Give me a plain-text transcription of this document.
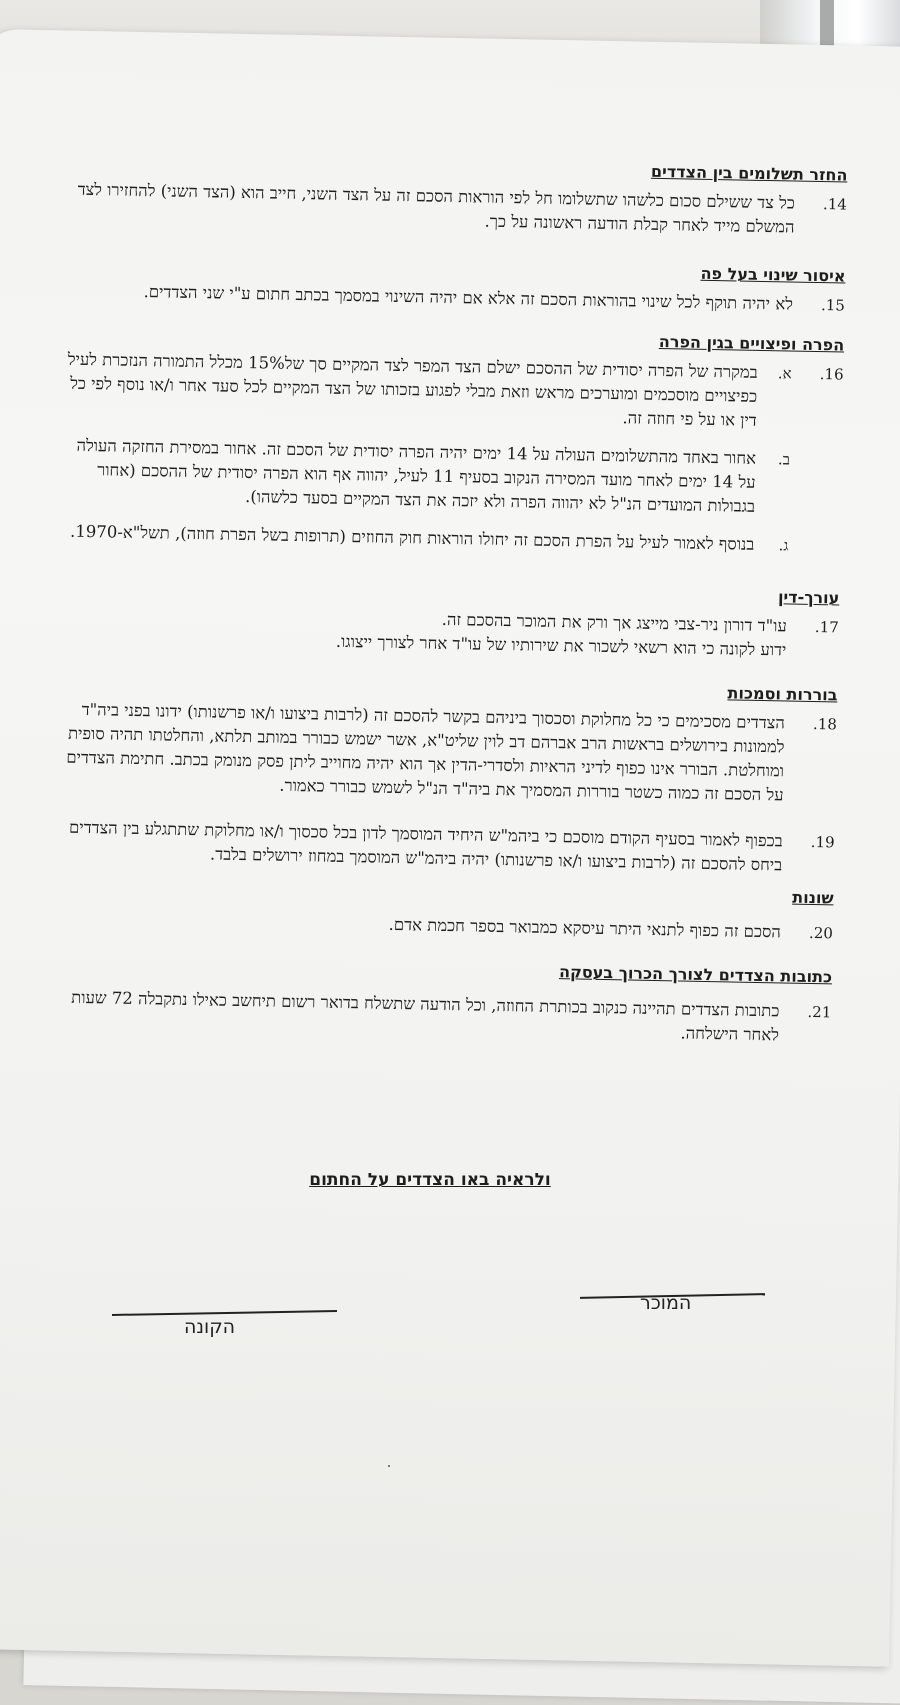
החזר תשלומים בין הצדדים
14.
כל צד ששילם סכום כלשהו שתשלומו חל לפי הוראות הסכם זה על הצד השני, חייב הוא (הצד השני) להחזירו לצד המשלם מייד לאחר קבלת הודעה ראשונה על כך.
איסור שינוי בעל פה
15.
לא יהיה תוקף לכל שינוי בהוראות הסכם זה אלא אם יהיה השינוי במסמך בכתב חתום ע"י שני הצדדים.
הפרה ופיצויים בגין הפרה
16.
א.
במקרה של הפרה יסודית של ההסכם ישלם הצד המפר לצד המקיים סך של15% מכלל התמורה הנזכרת לעיל כפיצויים מוסכמים ומוערכים מראש וזאת מבלי לפגוע בזכותו של הצד המקיים לכל סעד אחר ו/או נוסף לפי כל דין או על פי חוזה זה.
ב.
אחור באחד מהתשלומים העולה על 14 ימים יהיה הפרה יסודית של הסכם זה. אחור במסירת החזקה העולה על 14 ימים לאחר מועד המסירה הנקוב בסעיף 11 לעיל, יהווה אף הוא הפרה יסודית של ההסכם (אחור בגבולות המועדים הנ"ל לא יהווה הפרה ולא יזכה את הצד המקיים בסעד כלשהו).
ג.
בנוסף לאמור לעיל על הפרת הסכם זה יחולו הוראות חוק החוזים (תרופות בשל הפרת חוזה), תשל"א-1970.
עורך-דין
17.
עו"ד דורון ניר-צבי מייצג אך ורק את המוכר בהסכם זה.
ידוע לקונה כי הוא רשאי לשכור את שירותיו של עו"ד אחר לצורך ייצוגו.
בוררות וסמכות
18.
הצדדים מסכימים כי כל מחלוקת וסכסוך ביניהם בקשר להסכם זה (לרבות ביצועו ו/או פרשנותו) ידונו בפני ביה"ד לממונות בירושלים בראשות הרב אברהם דב לוין שליט"א, אשר ישמש כבורר במותב תלתא, והחלטתו תהיה סופית ומוחלטת. הבורר אינו כפוף לדיני הראיות ולסדרי-הדין אך הוא יהיה מחוייב ליתן פסק מנומק בכתב. חתימת הצדדים על הסכם זה כמוה כשטר בוררות המסמיך את ביה"ד הנ"ל לשמש כבורר כאמור.
19.
בכפוף לאמור בסעיף הקודם מוסכם כי ביהמ"ש היחיד המוסמך לדון בכל סכסוך ו/או מחלוקת שתתגלע בין הצדדים ביחס להסכם זה (לרבות ביצועו ו/או פרשנותו) יהיה ביהמ"ש המוסמך במחוז ירושלים בלבד.
שונות
20.
הסכם זה כפוף לתנאי היתר עיסקא כמבואר בספר חכמת אדם.
כתובות הצדדים לצורך הכרוך בעסקה
21.
כתובות הצדדים תהיינה כנקוב בכותרת החוזה, וכל הודעה שתשלח בדואר רשום תיחשב כאילו נתקבלה 72 שעות לאחר הישלחה.
ולראיה באו הצדדים על החתום
המוכר
הקונה
